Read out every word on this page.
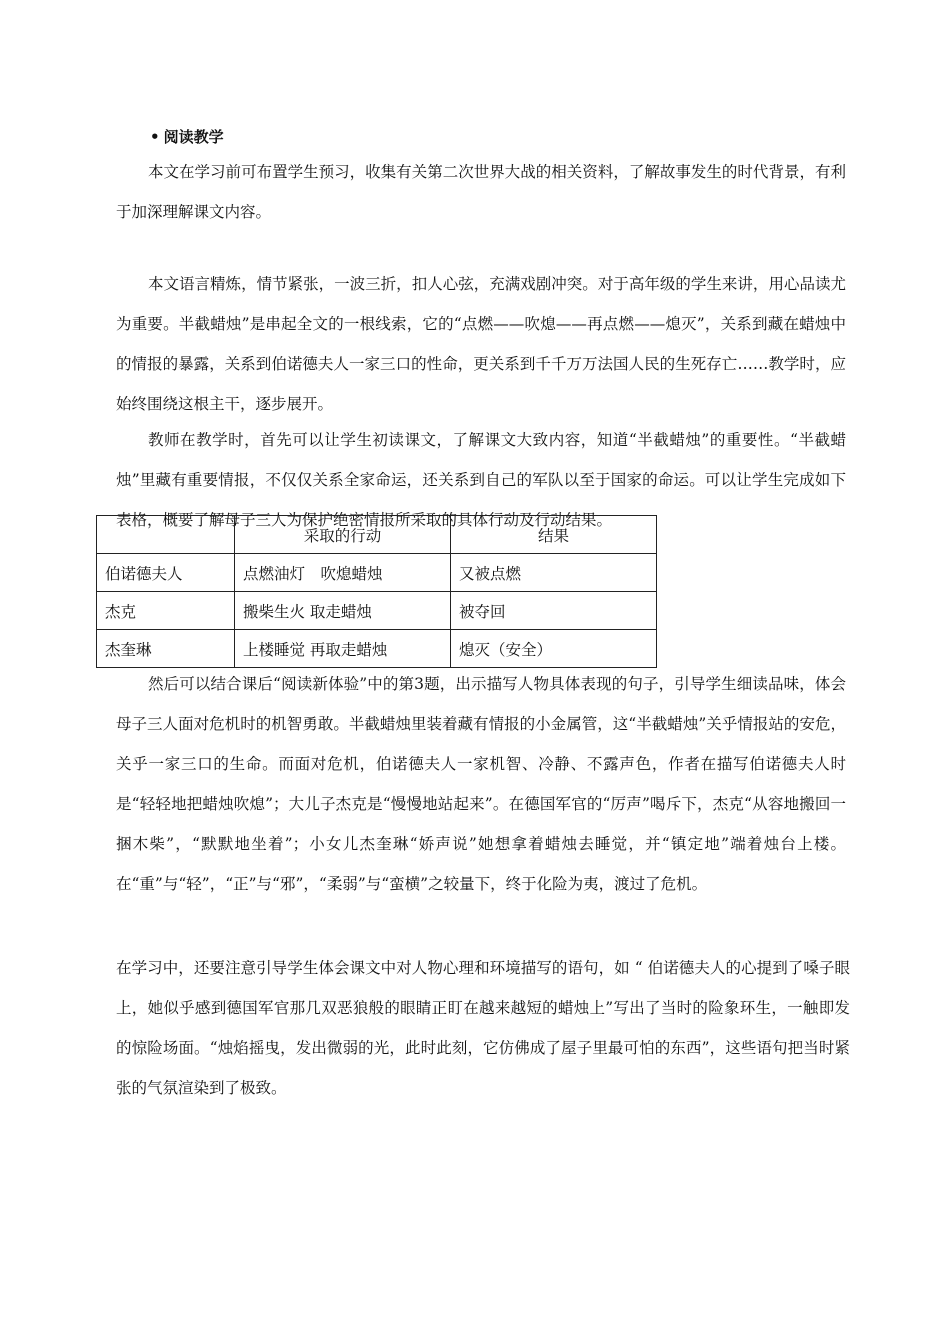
• 阅读教学

本文在学习前可布置学生预习，收集有关第二次世界大战的相关资料，了解故事发生的时代背景，有利于加深理解课文内容。

本文语言精炼，情节紧张，一波三折，扣人心弦，充满戏剧冲突。对于高年级的学生来讲，用心品读尤为重要。半截蜡烛”是串起全文的一根线索，它的“点燃——吹熄——再点燃——熄灭”，关系到藏在蜡烛中的情报的暴露，关系到伯诺德夫人一家三口的性命，更关系到千千万万法国人民的生死存亡……教学时，应始终围绕这根主干，逐步展开。

教师在教学时，首先可以让学生初读课文，了解课文大致内容，知道“半截蜡烛”的重要性。“半截蜡烛”里藏有重要情报，不仅仅关系全家命运，还关系到自己的军队以至于国家的命运。可以让学生完成如下表格，概要了解母子三人为保护绝密情报所采取的具体行动及行动结果。

	采取的行动	结果
伯诺德夫人	点燃油灯　吹熄蜡烛	又被点燃
杰克	搬柴生火 取走蜡烛	被夺回
杰奎琳	上楼睡觉 再取走蜡烛	熄灭（安全）

然后可以结合课后“阅读新体验”中的第3题，出示描写人物具体表现的句子，引导学生细读品味，体会母子三人面对危机时的机智勇敢。半截蜡烛里装着藏有情报的小金属管，这“半截蜡烛”关乎情报站的安危，关乎一家三口的生命。而面对危机，伯诺德夫人一家机智、冷静、不露声色，作者在描写伯诺德夫人时是“轻轻地把蜡烛吹熄”；大儿子杰克是“慢慢地站起来”。在德国军官的“厉声”喝斥下，杰克“从容地搬回一捆木柴”，“默默地坐着”；小女儿杰奎琳“娇声说”她想拿着蜡烛去睡觉，并“镇定地”端着烛台上楼。在“重”与“轻”，“正”与“邪”，“柔弱”与“蛮横”之较量下，终于化险为夷，渡过了危机。

在学习中，还要注意引导学生体会课文中对人物心理和环境描写的语句，如 “ 伯诺德夫人的心提到了嗓子眼上，她似乎感到德国军官那几双恶狼般的眼睛正盯在越来越短的蜡烛上”写出了当时的险象环生，一触即发的惊险场面。“烛焰摇曳，发出微弱的光，此时此刻，它仿佛成了屋子里最可怕的东西”，这些语句把当时紧张的气氛渲染到了极致。
